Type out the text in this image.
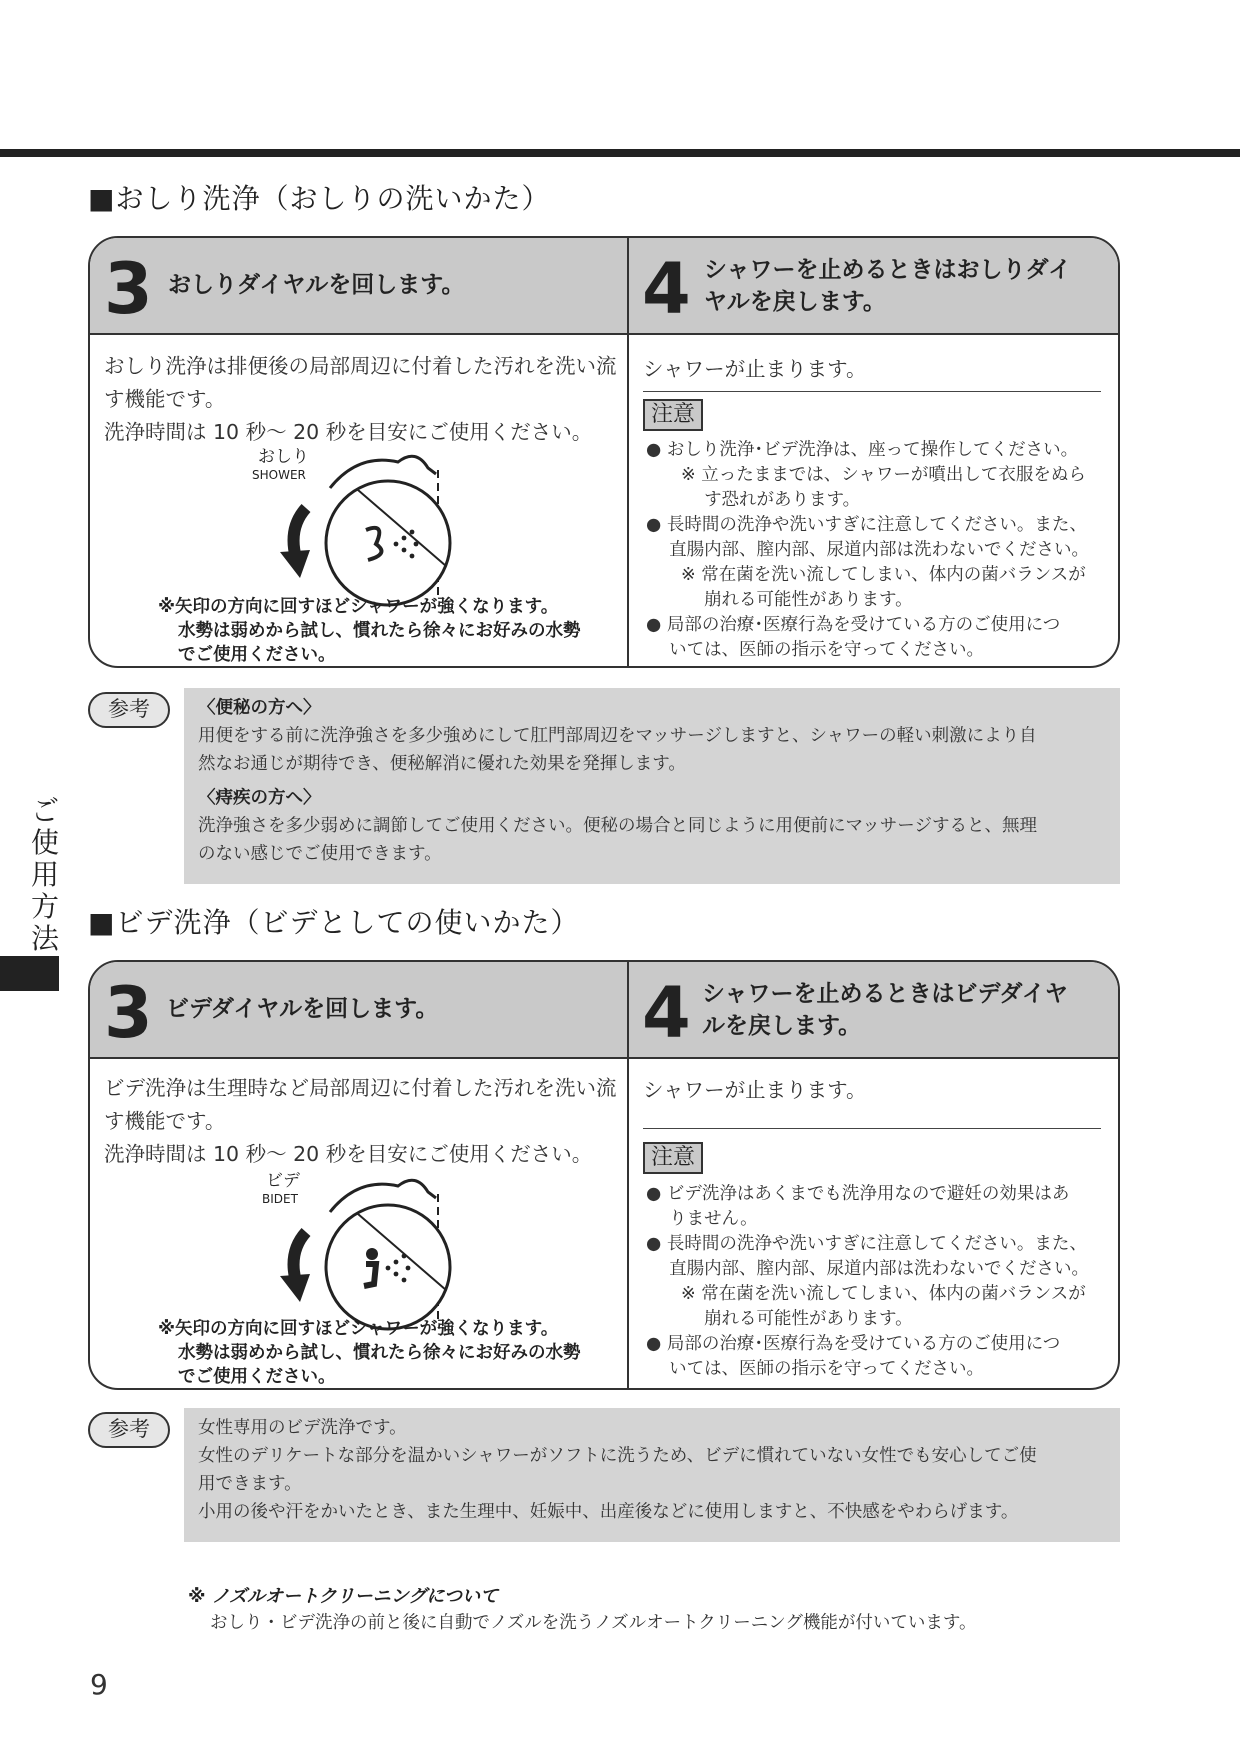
■おしり洗浄（おしりの洗いかた）
3 おしりダイヤルを回します。	4 シャワーを止めるときはおしりダイ
ヤルを戻します。
おしり洗浄は排便後の局部周辺に付着した汚れを洗い流す機能です。
洗浄時間は 10 秒〜 20 秒を目安にご使用ください。
おしり
SHOWER
※矢印の方向に回すほどシャワーが強くなります。
水勢は弱めから試し、慣れたら徐々にお好みの水勢
でご使用ください。
シャワーが止まります。
注意
● おしり洗浄･ビデ洗浄は、座って操作してください。
　　※ 立ったままでは、シャワーが噴出して衣服をぬら
　　　 す恐れがあります。
● 長時間の洗浄や洗いすぎに注意してください。また、
　 直腸内部、膣内部、尿道内部は洗わないでください。
　　※ 常在菌を洗い流してしまい、体内の菌バランスが
　　　 崩れる可能性があります。
● 局部の治療･医療行為を受けている方のご使用につ
　 いては、医師の指示を守ってください。
参考	〈便秘の方へ〉
用便をする前に洗浄強さを多少強めにして肛門部周辺をマッサージしますと、シャワーの軽い刺激により自
然なお通じが期待でき、便秘解消に優れた効果を発揮します。
〈痔疾の方へ〉
洗浄強さを多少弱めに調節してご使用ください。便秘の場合と同じように用便前にマッサージすると、無理
のない感じでご使用できます。
ご
使
用
方
法 ■ビデ洗浄（ビデとしての使いかた）
3 ビデダイヤルを回します。	4 シャワーを止めるときはビデダイヤ
ルを戻します。
ビデ洗浄は生理時など局部周辺に付着した汚れを洗い流す機能です。
洗浄時間は 10 秒〜 20 秒を目安にご使用ください。
ビデ
BIDET
※矢印の方向に回すほどシャワーが強くなります。
水勢は弱めから試し、慣れたら徐々にお好みの水勢
でご使用ください。
シャワーが止まります。
注意
● ビデ洗浄はあくまでも洗浄用なので避妊の効果はあ
　 りません。
● 長時間の洗浄や洗いすぎに注意してください。また、
　 直腸内部、膣内部、尿道内部は洗わないでください。
　　※ 常在菌を洗い流してしまい、体内の菌バランスが
　　　 崩れる可能性があります。
● 局部の治療･医療行為を受けている方のご使用につ
　 いては、医師の指示を守ってください。
参考	女性専用のビデ洗浄です。
女性のデリケートな部分を温かいシャワーがソフトに洗うため、ビデに慣れていない女性でも安心してご使
用できます。
小用の後や汗をかいたとき、また生理中、妊娠中、出産後などに使用しますと、不快感をやわらげます。
※ ノズルオートクリーニングについて
おしり・ビデ洗浄の前と後に自動でノズルを洗うノズルオートクリーニング機能が付いています。
9
